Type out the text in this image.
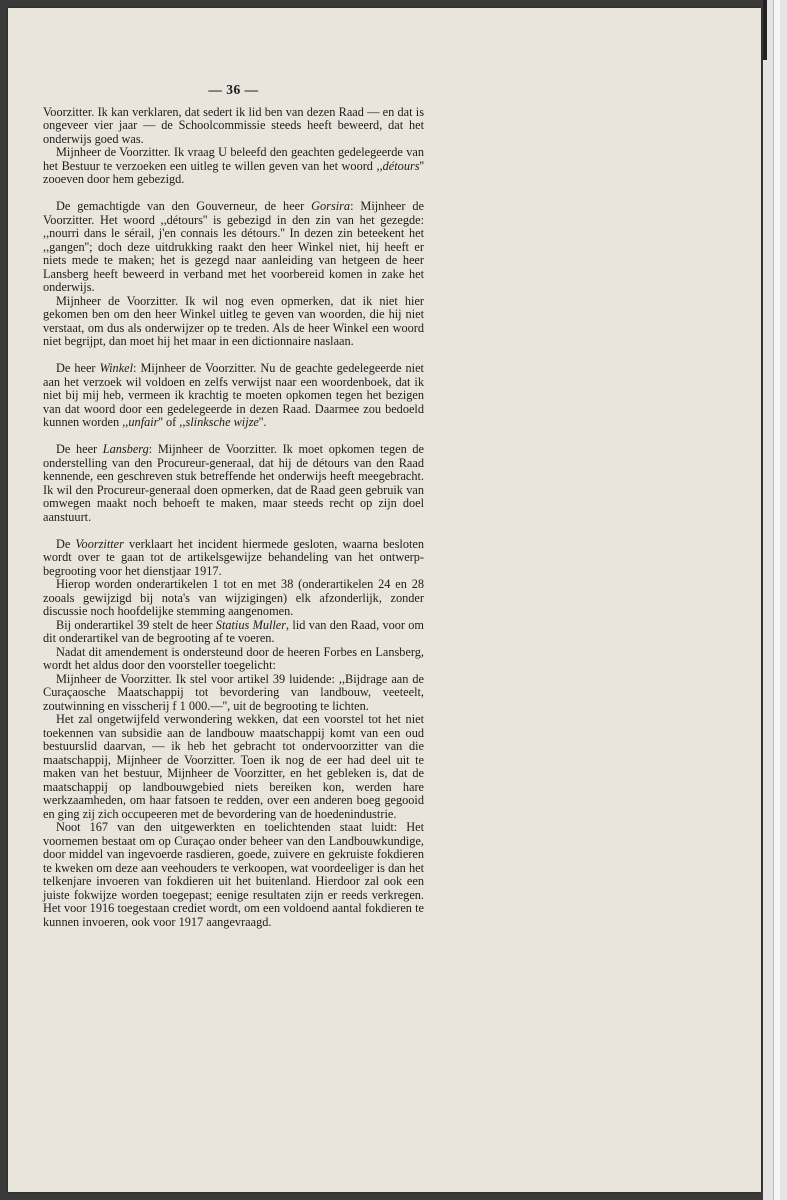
— 36 —

Voorzitter. Ik kan verklaren, dat sedert ik lid ben van dezen Raad — en dat is ongeveer vier jaar — de Schoolcommissie steeds heeft beweerd, dat het onderwijs goed was.

Mijnheer de Voorzitter. Ik vraag U beleefd den geachten gedelegeerde van het Bestuur te verzoeken een uitleg te willen geven van het woord ,,détours'' zooeven door hem gebezigd.

De gemachtigde van den Gouverneur, de heer Gorsira: Mijnheer de Voorzitter. Het woord ,,détours'' is gebezigd in den zin van het gezegde: ,,nourri dans le sérail, j'en connais les détours.'' In dezen zin beteekent het ,,gangen''; doch deze uitdrukking raakt den heer Winkel niet, hij heeft er niets mede te maken; het is gezegd naar aanleiding van hetgeen de heer Lansberg heeft beweerd in verband met het voorbereid komen in zake het onderwijs.

Mijnheer de Voorzitter. Ik wil nog even opmerken, dat ik niet hier gekomen ben om den heer Winkel uitleg te geven van woorden, die hij niet verstaat, om dus als onderwijzer op te treden. Als de heer Winkel een woord niet begrijpt, dan moet hij het maar in een dictionnaire naslaan.

De heer Winkel: Mijnheer de Voorzitter. Nu de geachte gedelegeerde niet aan het verzoek wil voldoen en zelfs verwijst naar een woordenboek, dat ik niet bij mij heb, vermeen ik krachtig te moeten opkomen tegen het bezigen van dat woord door een gedelegeerde in dezen Raad. Daarmee zou bedoeld kunnen worden ,,unfair'' of ,,slinksche wijze''.

De heer Lansberg: Mijnheer de Voorzitter. Ik moet opkomen tegen de onderstelling van den Procureur-generaal, dat hij de détours van den Raad kennende, een geschreven stuk betreffende het onderwijs heeft meegebracht. Ik wil den Procureur-generaal doen opmerken, dat de Raad geen gebruik van omwegen maakt noch behoeft te maken, maar steeds recht op zijn doel aanstuurt.

De Voorzitter verklaart het incident hiermede gesloten, waarna besloten wordt over te gaan tot de artikelsgewijze behandeling van het ontwerp-begrooting voor het dienstjaar 1917.

Hierop worden onderartikelen 1 tot en met 38 (onderartikelen 24 en 28 zooals gewijzigd bij nota's van wijzigingen) elk afzonderlijk, zonder discussie noch hoofdelijke stemming aangenomen.

Bij onderartikel 39 stelt de heer Statius Muller, lid van den Raad, voor om dit onderartikel van de begrooting af te voeren.

Nadat dit amendement is ondersteund door de heeren Forbes en Lansberg, wordt het aldus door den voorsteller toegelicht:

Mijnheer de Voorzitter. Ik stel voor artikel 39 luidende: ,,Bijdrage aan de Curaçaosche Maatschappij tot bevordering van landbouw, veeteelt, zoutwinning en visscherij f 1 000.—'', uit de begrooting te lichten.

Het zal ongetwijfeld verwondering wekken, dat een voorstel tot het niet toekennen van subsidie aan de landbouw maatschappij komt van een oud bestuurslid daarvan, — ik heb het gebracht tot ondervoorzitter van die maatschappij, Mijnheer de Voorzitter. Toen ik nog de eer had deel uit te maken van het bestuur, Mijnheer de Voorzitter, en het gebleken is, dat de maatschappij op landbouwgebied niets bereiken kon, werden hare werkzaamheden, om haar fatsoen te redden, over een anderen boeg gegooid en ging zij zich occupeeren met de bevordering van de hoedenindustrie.

Noot 167 van den uitgewerkten en toelichtenden staat luidt: Het voornemen bestaat om op Curaçao onder beheer van den Landbouwkundige, door middel van ingevoerde rasdieren, goede, zuivere en gekruiste fokdieren te kweken om deze aan veehouders te verkoopen, wat voordeeliger is dan het telkenjare invoeren van fokdieren uit het buitenland. Hierdoor zal ook een juiste fokwijze worden toegepast; eenige resultaten zijn er reeds verkregen. Het voor 1916 toegestaan crediet wordt, om een voldoend aantal fokdieren te kunnen invoeren, ook voor 1917 aangevraagd.
